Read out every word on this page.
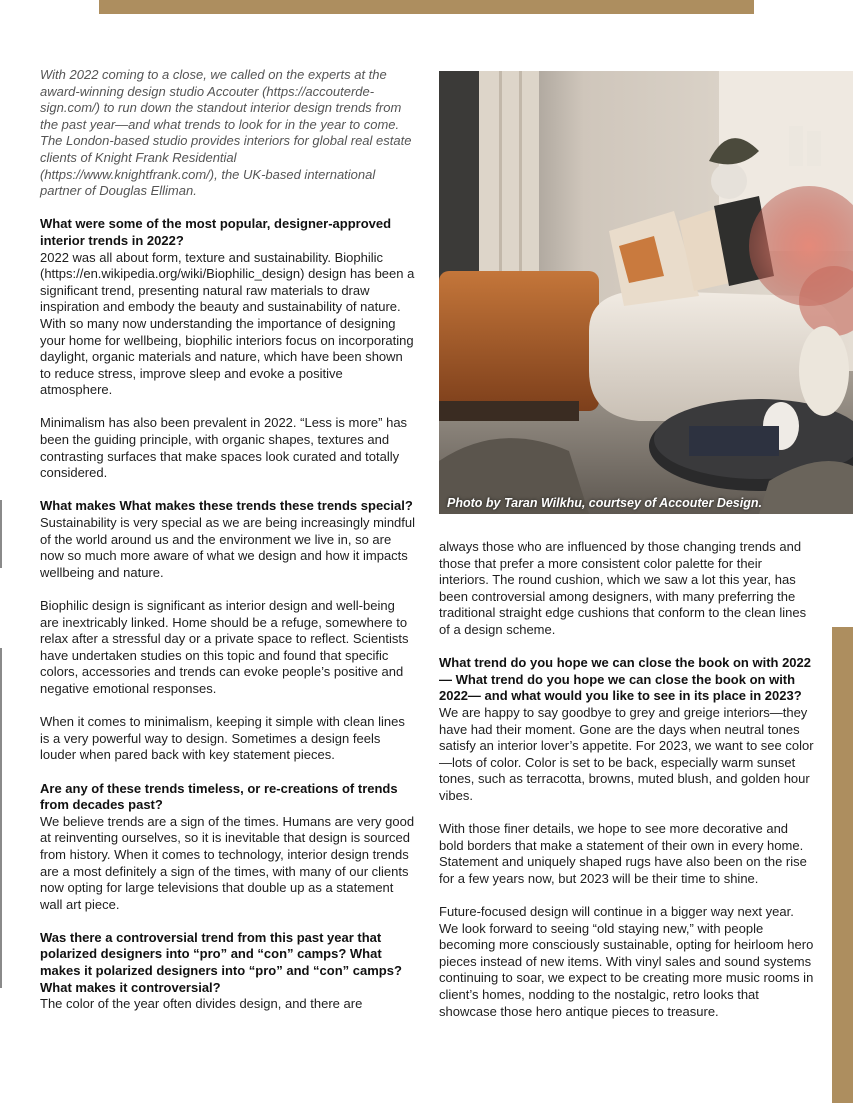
With 2022 coming to a close, we called on the experts at the award-winning design studio Accouter (https://accouterdesign.com/) to run down the standout interior design trends from the past year—and what trends to look for in the year to come. The London-based studio provides interiors for global real estate clients of Knight Frank Residential (https://www.knightfrank.com/), the UK-based international partner of Douglas Elliman.

What were some of the most popular, designer-approved interior trends in 2022?

2022 was all about form, texture and sustainability. Biophilic (https://en.wikipedia.org/wiki/Biophilic_design) design has been a significant trend, presenting natural raw materials to draw inspiration and embody the beauty and sustainability of nature. With so many now understanding the importance of designing your home for wellbeing, biophilic interiors focus on incorporating daylight, organic materials and nature, which have been shown to reduce stress, improve sleep and evoke a positive atmosphere.

Minimalism has also been prevalent in 2022. “Less is more” has been the guiding principle, with organic shapes, textures and contrasting surfaces that make spaces look curated and totally considered.

What makes What makes these trends these trends special?

Sustainability is very special as we are being increasingly mindful of the world around us and the environment we live in, so are now so much more aware of what we design and how it impacts wellbeing and nature.

Biophilic design is significant as interior design and well-being are inextricably linked. Home should be a refuge, somewhere to relax after a stressful day or a private space to reflect. Scientists have undertaken studies on this topic and found that specific colors, accessories and trends can evoke people’s positive and negative emotional responses.

When it comes to minimalism, keeping it simple with clean lines is a very powerful way to design. Sometimes a design feels louder when pared back with key statement pieces.

Are any of these trends timeless, or re-creations of trends from decades past?

We believe trends are a sign of the times. Humans are very good at reinventing ourselves, so it is inevitable that design is sourced from history. When it comes to technology, interior design trends are a most definitely a sign of the times, with many of our clients now opting for large televisions that double up as a statement wall art piece.

Was there a controversial trend from this past year that polarized designers into “pro” and “con” camps? What makes it polarized designers into “pro” and “con” camps? What makes it controversial?

The color of the year often divides design, and there are

Photo by Taran Wilkhu, courtsey of Accouter Design.

always those who are influenced by those changing trends and those that prefer a more consistent color palette for their interiors. The round cushion, which we saw a lot this year, has been controversial among designers, with many preferring the traditional straight edge cushions that conform to the clean lines of a design scheme.

What trend do you hope we can close the book on with 2022— What trend do you hope we can close the book on with 2022— and what would you like to see in its place in 2023?

We are happy to say goodbye to grey and greige interiors—they have had their moment. Gone are the days when neutral tones satisfy an interior lover’s appetite. For 2023, we want to see color—lots of color. Color is set to be back, especially warm sunset tones, such as terracotta, browns, muted blush, and golden hour vibes.

With those finer details, we hope to see more decorative and bold borders that make a statement of their own in every home. Statement and uniquely shaped rugs have also been on the rise for a few years now, but 2023 will be their time to shine.

Future-focused design will continue in a bigger way next year. We look forward to seeing “old staying new,” with people becoming more consciously sustainable, opting for heirloom hero pieces instead of new items. With vinyl sales and sound systems continuing to soar, we expect to be creating more music rooms in client’s homes, nodding to the nostalgic, retro looks that showcase those hero antique pieces to treasure.
